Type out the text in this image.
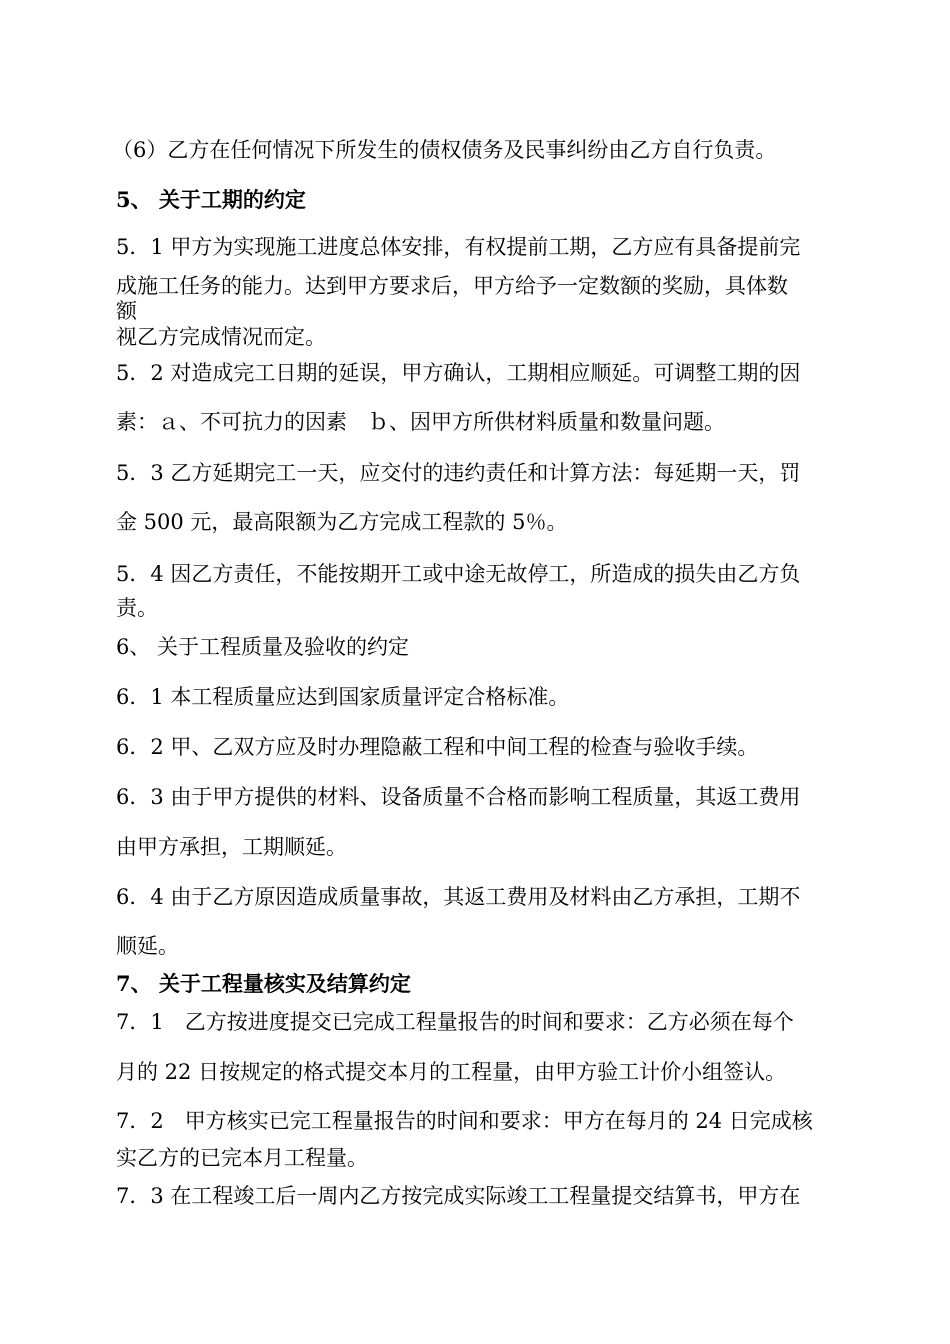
（6）乙方在任何情况下所发生的债权债务及民事纠纷由乙方自行负责。
5、 关于工期的约定
5．1 甲方为实现施工进度总体安排，有权提前工期，乙方应有具备提前完
成施工任务的能力。达到甲方要求后，甲方给予一定数额的奖励，具体数
额
视乙方完成情况而定。
5．2 对造成完工日期的延误，甲方确认，工期相应顺延。可调整工期的因
素：ａ、不可抗力的因素　ｂ、因甲方所供材料质量和数量问题。
5．3 乙方延期完工一天，应交付的违约责任和计算方法：每延期一天，罚
金 500 元，最高限额为乙方完成工程款的 5％。
5．4 因乙方责任，不能按期开工或中途无故停工，所造成的损失由乙方负
责。
6、 关于工程质量及验收的约定
6．1 本工程质量应达到国家质量评定合格标准。
6．2 甲、乙双方应及时办理隐蔽工程和中间工程的检查与验收手续。
6．3 由于甲方提供的材料、设备质量不合格而影响工程质量，其返工费用
由甲方承担，工期顺延。
6．4 由于乙方原因造成质量事故，其返工费用及材料由乙方承担，工期不
顺延。
7、 关于工程量核实及结算约定
7．1　乙方按进度提交已完成工程量报告的时间和要求：乙方必须在每个
月的 22 日按规定的格式提交本月的工程量，由甲方验工计价小组签认。
7．2　甲方核实已完工程量报告的时间和要求：甲方在每月的 24 日完成核
实乙方的已完本月工程量。
7．3 在工程竣工后一周内乙方按完成实际竣工工程量提交结算书，甲方在
